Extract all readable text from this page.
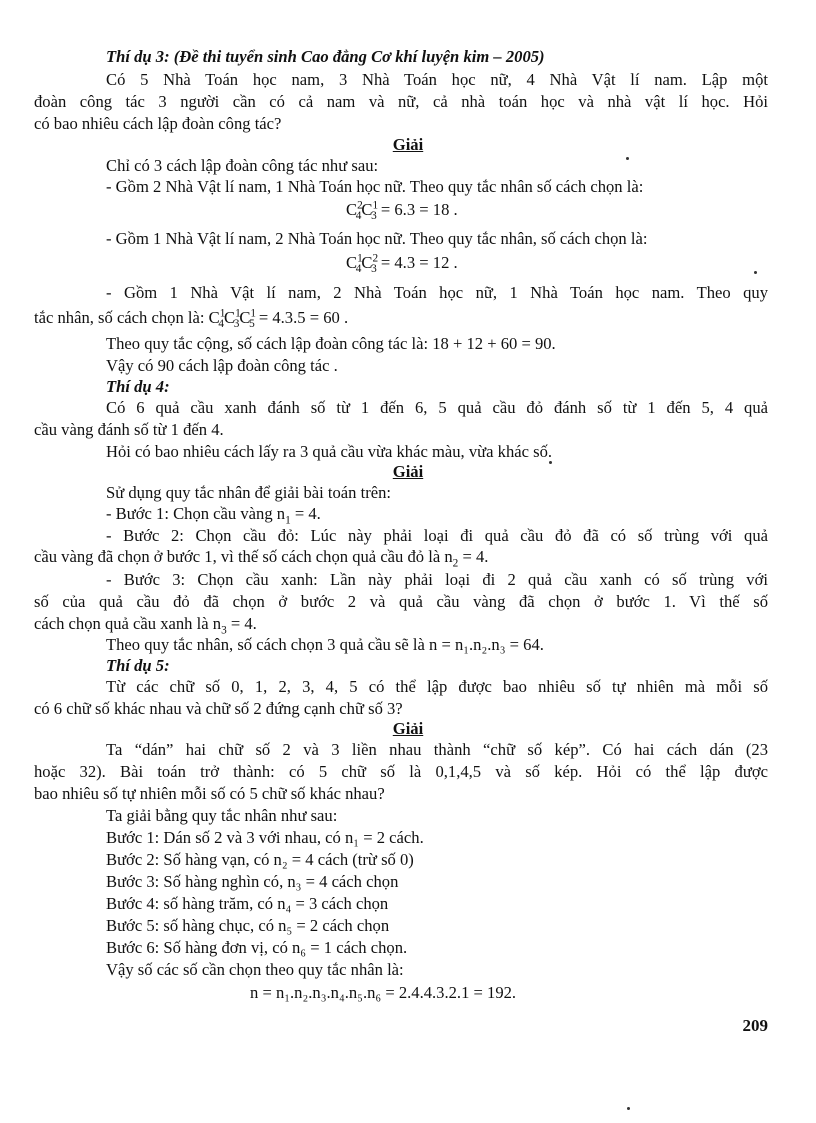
Thí dụ 3: (Đề thi tuyển sinh Cao đẳng Cơ khí luyện kim – 2005)
Có 5 Nhà Toán học nam, 3 Nhà Toán học nữ, 4 Nhà Vật lí nam. Lập một
đoàn công tác 3 người cần có cả nam và nữ, cả nhà toán học và nhà vật lí học. Hỏi
có bao nhiêu cách lập đoàn công tác?
Giải
Chỉ có 3 cách lập đoàn công tác như sau:
- Gồm 2 Nhà Vật lí nam, 1 Nhà Toán học nữ. Theo quy tắc nhân số cách chọn là:
$C^2_4C^1_3 = 6.3 = 18$ .
- Gồm 1 Nhà Vật lí nam, 2 Nhà Toán học nữ. Theo quy tắc nhân, số cách chọn là:
$C^1_4C^2_3 = 4.3 = 12$ .
- Gồm 1 Nhà Vật lí nam, 2 Nhà Toán học nữ, 1 Nhà Toán học nam. Theo quy
tắc nhân, số cách chọn là: $C^1_4C^1_3C^1_5 = 4.3.5 = 60$ .
Theo quy tắc cộng, số cách lập đoàn công tác là: 18 + 12 + 60 = 90.
Vậy có 90 cách lập đoàn công tác .
Thí dụ 4:
Có 6 quả cầu xanh đánh số từ 1 đến 6, 5 quả cầu đỏ đánh số từ 1 đến 5, 4 quả
cầu vàng đánh số từ 1 đến 4.
Hỏi có bao nhiêu cách lấy ra 3 quả cầu vừa khác màu, vừa khác số.
Giải
Sử dụng quy tắc nhân để giải bài toán trên:
- Bước 1: Chọn cầu vàng $n_1 = 4$.
- Bước 2: Chọn cầu đỏ: Lúc này phải loại đi quả cầu đỏ đã có số trùng với quả
cầu vàng đã chọn ở bước 1, vì thế số cách chọn quả cầu đỏ là $n_2 = 4$.
- Bước 3: Chọn cầu xanh: Lần này phải loại đi 2 quả cầu xanh có số trùng với
số của quả cầu đỏ đã chọn ở bước 2 và quả cầu vàng đã chọn ở bước 1. Vì thế số
cách chọn quả cầu xanh là $n_3 = 4$.
Theo quy tắc nhân, số cách chọn 3 quả cầu sẽ là n = n₁.n₂.n₃ = 64.
Thí dụ 5:
Từ các chữ số 0, 1, 2, 3, 4, 5 có thể lập được bao nhiêu số tự nhiên mà mỗi số
có 6 chữ số khác nhau và chữ số 2 đứng cạnh chữ số 3?
Giải
Ta “dán” hai chữ số 2 và 3 liền nhau thành “chữ số kép”. Có hai cách dán (23
hoặc 32). Bài toán trở thành: có 5 chữ số là 0,1,4,5 và số kép. Hỏi có thể lập được
bao nhiêu số tự nhiên mỗi số có 5 chữ số khác nhau?
Ta giải bằng quy tắc nhân như sau:
Bước 1: Dán số 2 và 3 với nhau, có n₁ = 2 cách.
Bước 2: Số hàng vạn, có n₂ = 4 cách (trừ số 0)
Bước 3: Số hàng nghìn có, n₃ = 4 cách chọn
Bước 4: số hàng trăm, có n₄ = 3 cách chọn
Bước 5: số hàng chục, có n₅ = 2 cách chọn
Bước 6: Số hàng đơn vị, có n₆ = 1 cách chọn.
Vậy số các số cần chọn theo quy tắc nhân là:
n = n₁.n₂.n₃.n₄.n₅.n₆ = 2.4.4.3.2.1 = 192.
209
